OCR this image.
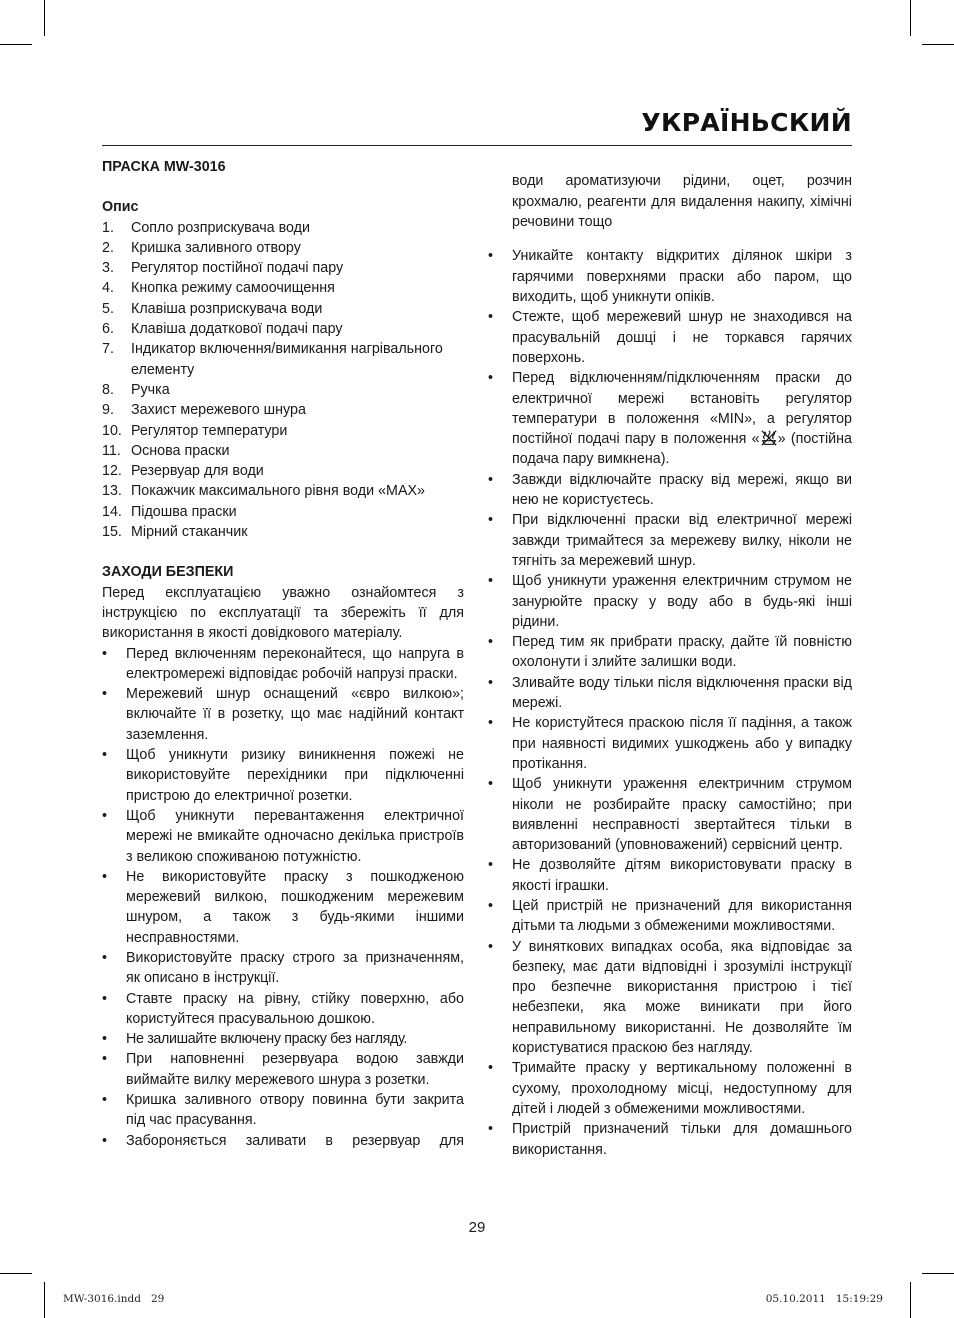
УКРАЇНЬСКИЙ

ПРАСКА MW-3016

Опис

1.	Сопло розприскувача води
2.	Кришка заливного отвору
3.	Регулятор постійної подачі пару
4.	Кнопка режиму самоочищення
5.	Клавіша розприскувача води
6.	Клавіша додаткової подачі пару
7.	Індикатор включення/вимикання нагрівального елементу
8.	Ручка
9.	Захист мережевого шнура
10. Регулятор температури
11. Основа праски
12. Резервуар для води
13. Покажчик максимального рівня води «MAX»
14. Підошва праски
15. Мірний стаканчик

ЗАХОДИ БЕЗПЕКИ

Перед експлуатацією уважно ознайомтеся з інструкцією по експлуатації та збережіть її для використання в якості довідкового матеріалу.

•	Перед включенням переконайтеся, що напруга в електромережі відповідає робочій напрузі праски.
•	Мережевий шнур оснащений «євро вилкою»; включайте її в розетку, що має надійний контакт заземлення.
•	Щоб уникнути ризику виникнення пожежі не використовуйте перехідники при підключенні пристрою до електричної розетки.
•	Щоб уникнути перевантаження електричної мережі не вмикайте одночасно декілька пристроїв з великою споживаною потужністю.
•	Не використовуйте праску з пошкодженою мережевий вилкою, пошкодженим мережевим шнуром, а також з будь-якими іншими несправностями.
•	Використовуйте праску строго за призначенням, як описано в інструкції.
•	Ставте праску на рівну, стійку поверхню, або користуйтеся прасувальною дошкою.
•	Не залишайте включену праску без нагляду.
•	При наповненні резервуара водою завжди виймайте вилку мережевого шнура з розетки.
•	Кришка заливного отвору повинна бути закрита під час прасування.
•	Забороняється заливати в резервуар для

води ароматизуючи рідини, оцет, розчин крохмалю, реагенти для видалення накипу, хімічні речовини тощо

•	Уникайте контакту відкритих ділянок шкіри з гарячими поверхнями праски або паром, що виходить, щоб уникнути опіків.
•	Стежте, щоб мережевий шнур не знаходився на прасувальній дошці і не торкався гарячих поверхонь.
•	Перед відключенням/підключенням праски до електричної мережі встановіть регулятор температури в положення «MIN», а регулятор постійної подачі пару в положення « » (постійна подача пару вимкнена).
•	Завжди відключайте праску від мережі, якщо ви нею не користуєтесь.
•	При відключенні праски від електричної мережі завжди тримайтеся за мережеву вилку, ніколи не тягніть за мережевий шнур.
•	Щоб уникнути ураження електричним струмом не занурюйте праску у воду або в будь-які інші рідини.
•	Перед тим як прибрати праску, дайте їй повністю охолонути і злийте залишки води.
•	Зливайте воду тільки після відключення праски від мережі.
•	Не користуйтеся праскою після її падіння, а також при наявності видимих ушкоджень або у випадку протікання.
•	Щоб уникнути ураження електричним струмом ніколи не розбирайте праску самостійно; при виявленні несправності звертайтеся тільки в авторизований (уповноважений) сервісний центр.
•	Не дозволяйте дітям використовувати праску в якості іграшки.
•	Цей пристрій не призначений для використання дітьми та людьми з обмеженими можливостями.
•	У виняткових випадках особа, яка відповідає за безпеку, має дати відповідні і зрозумілі інструкції про безпечне використання пристрою і тієї небезпеки, яка може виникати при його неправильному використанні. Не дозволяйте їм користуватися праскою без нагляду.
•	Тримайте праску у вертикальному положенні в сухому, прохолодному місці, недоступному для дітей і людей з обмеженими можливостями.
•	Пристрій призначений тільки для домашнього використання.
29
MW-3016.indd   29	05.10.2011   15:19:29
